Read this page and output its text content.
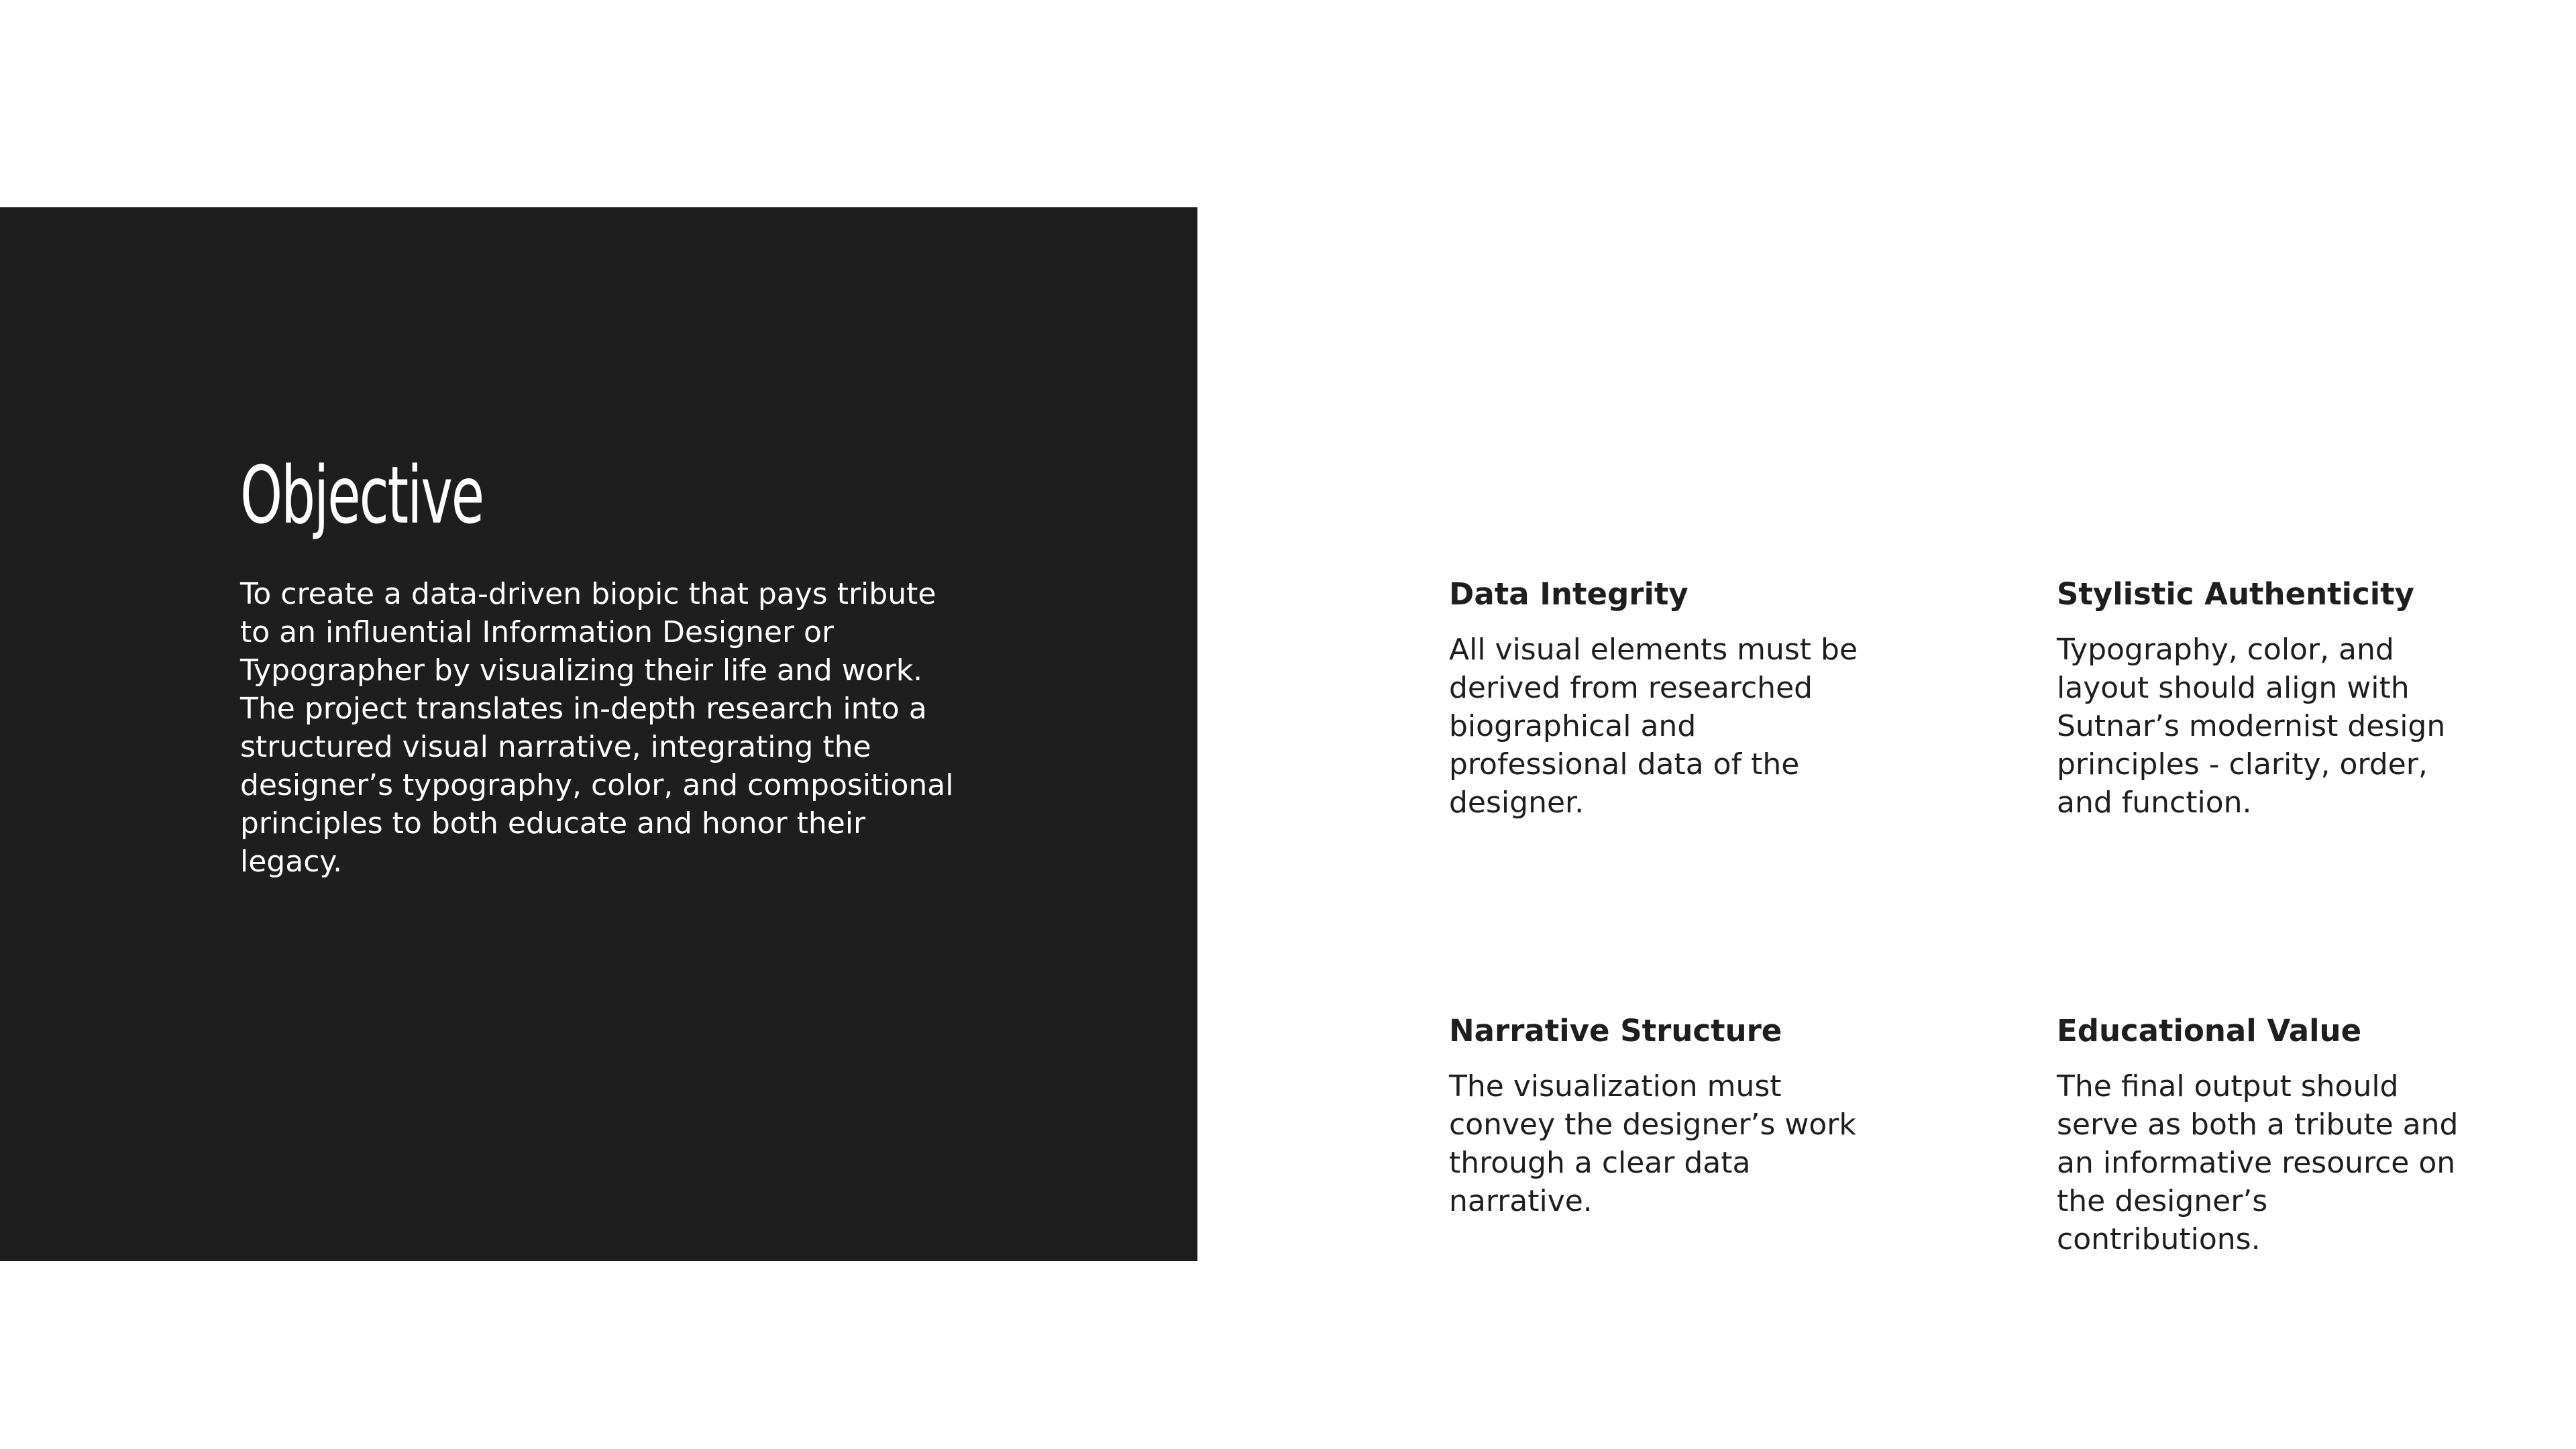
Objective

To create a data-driven biopic that pays tribute to an influential Information Designer or Typographer by visualizing their life and work. The project translates in-depth research into a structured visual narrative, integrating the designer’s typography, color, and compositional principles to both educate and honor their legacy.

Data Integrity

All visual elements must be derived from researched biographical and professional data of the designer.

Stylistic Authenticity

Typography, color, and layout should align with Sutnar’s modernist design principles - clarity, order, and function.

Narrative Structure

The visualization must convey the designer’s work through a clear data narrative.

Educational Value

The final output should serve as both a tribute and an informative resource on the designer’s contributions.
